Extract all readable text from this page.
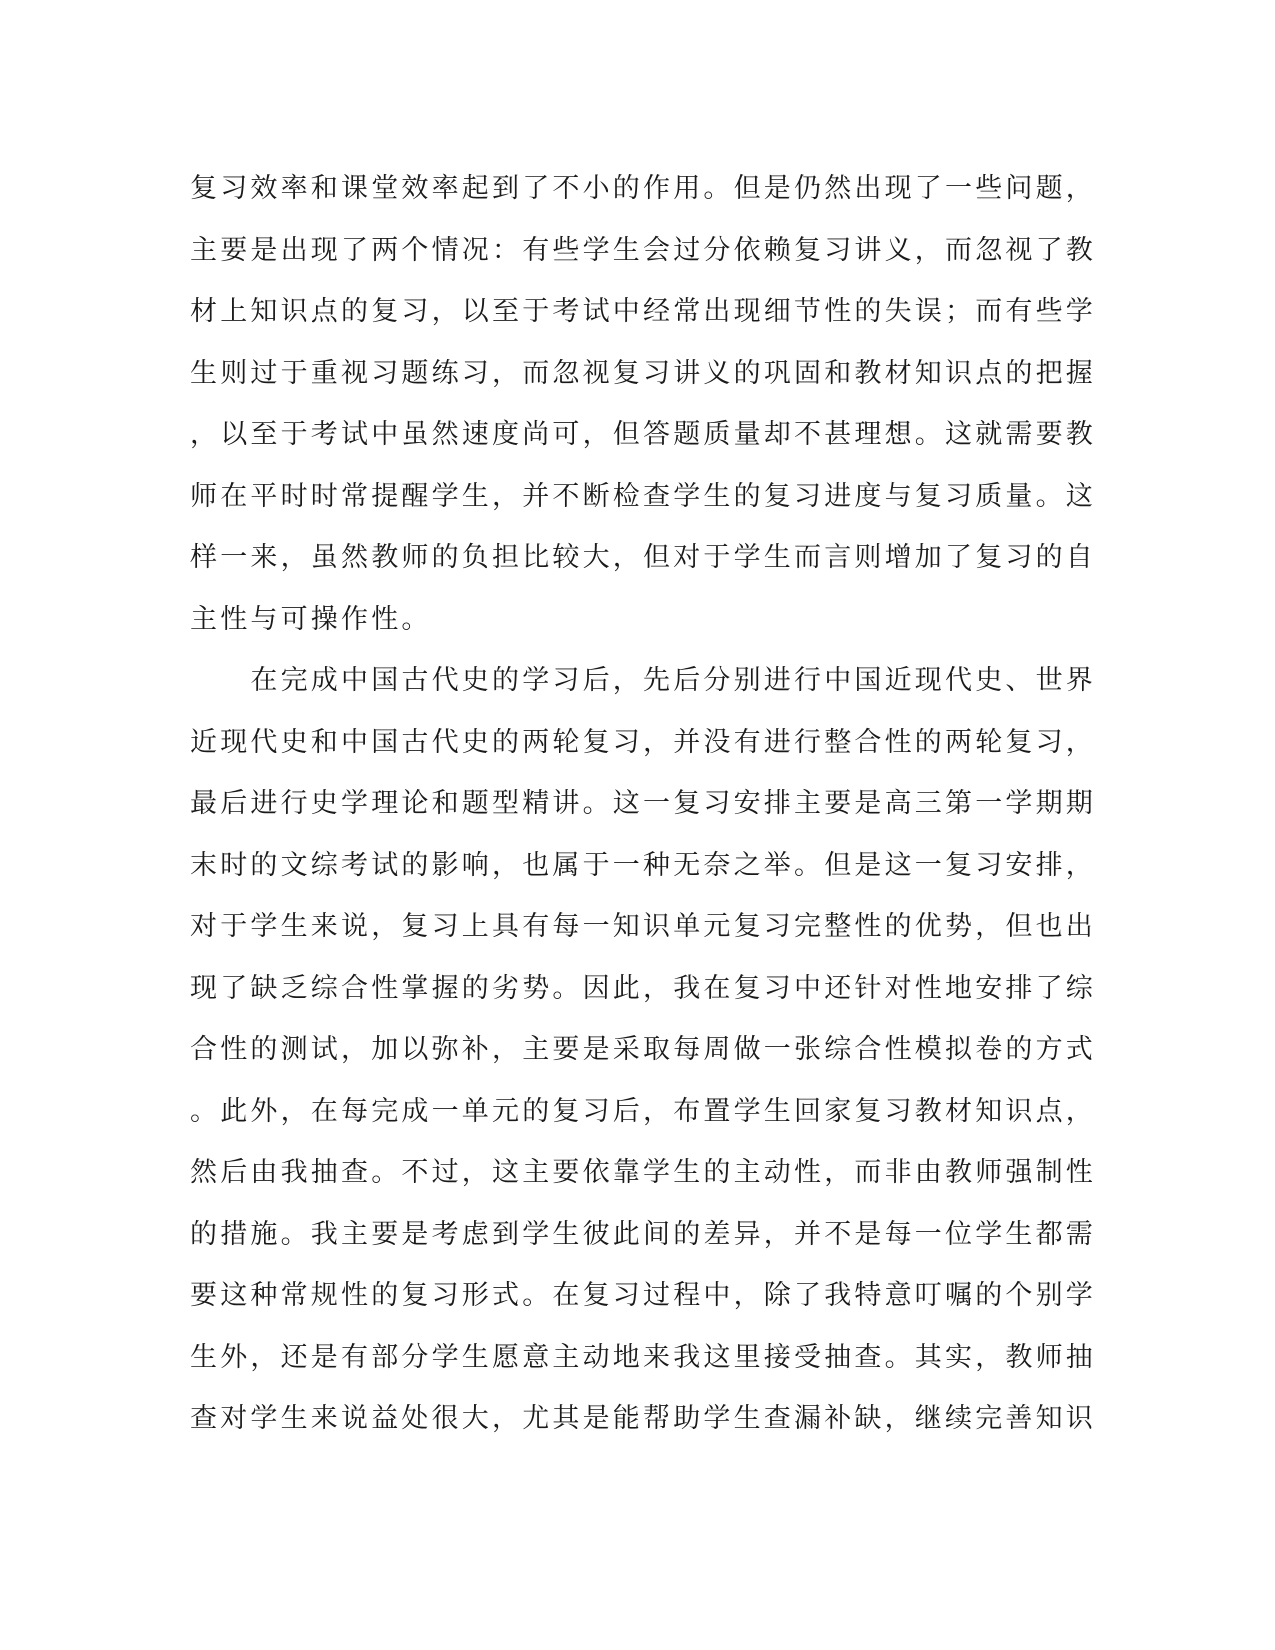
复习效率和课堂效率起到了不小的作用。但是仍然出现了一些问题，
主要是出现了两个情况：有些学生会过分依赖复习讲义，而忽视了教
材上知识点的复习，以至于考试中经常出现细节性的失误；而有些学
生则过于重视习题练习，而忽视复习讲义的巩固和教材知识点的把握
，以至于考试中虽然速度尚可，但答题质量却不甚理想。这就需要教
师在平时时常提醒学生，并不断检查学生的复习进度与复习质量。这
样一来，虽然教师的负担比较大，但对于学生而言则增加了复习的自
主性与可操作性。
　　在完成中国古代史的学习后，先后分别进行中国近现代史、世界
近现代史和中国古代史的两轮复习，并没有进行整合性的两轮复习，
最后进行史学理论和题型精讲。这一复习安排主要是高三第一学期期
末时的文综考试的影响，也属于一种无奈之举。但是这一复习安排，
对于学生来说，复习上具有每一知识单元复习完整性的优势，但也出
现了缺乏综合性掌握的劣势。因此，我在复习中还针对性地安排了综
合性的测试，加以弥补，主要是采取每周做一张综合性模拟卷的方式
。此外，在每完成一单元的复习后，布置学生回家复习教材知识点，
然后由我抽查。不过，这主要依靠学生的主动性，而非由教师强制性
的措施。我主要是考虑到学生彼此间的差异，并不是每一位学生都需
要这种常规性的复习形式。在复习过程中，除了我特意叮嘱的个别学
生外，还是有部分学生愿意主动地来我这里接受抽查。其实，教师抽
查对学生来说益处很大，尤其是能帮助学生查漏补缺，继续完善知识
